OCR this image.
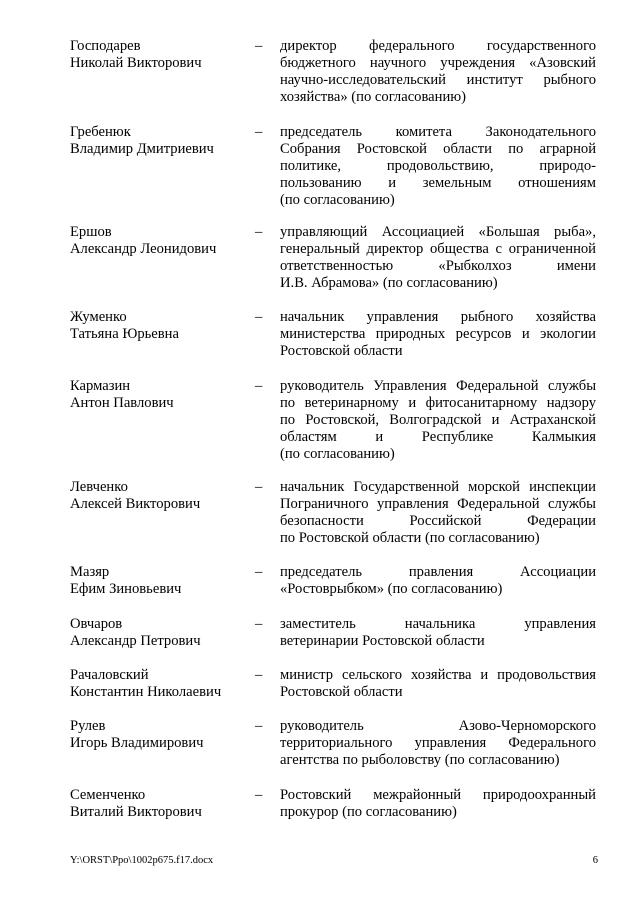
Господарев
Николай Викторович
–	директор федерального государственного
бюджетного научного учреждения «Азовский
научно-исследовательский институт рыбного
хозяйства» (по согласованию)
Гребенюк
Владимир Дмитриевич
–	председатель комитета Законодательного
Собрания Ростовской области по аграрной
политике, продовольствию, природо-
пользованию и земельным отношениям
(по согласованию)
Ершов
Александр Леонидович
–	управляющий Ассоциацией «Большая рыба»,
генеральный директор общества с ограниченной
ответственностью «Рыбколхоз имени
И.В. Абрамова» (по согласованию)
Жуменко
Татьяна Юрьевна
–	начальник управления рыбного хозяйства
министерства природных ресурсов и экологии
Ростовской области
Кармазин
Антон Павлович
–	руководитель Управления Федеральной службы
по ветеринарному и фитосанитарному надзору
по Ростовской, Волгоградской и Астраханской
областям и Республике Калмыкия
(по согласованию)
Левченко
Алексей Викторович
–	начальник Государственной морской инспекции
Пограничного управления Федеральной службы
безопасности Российской Федерации
по Ростовской области (по согласованию)
Мазяр
Ефим Зиновьевич
–	председатель правления Ассоциации
«Ростоврыбком» (по согласованию)
Овчаров
Александр Петрович
–	заместитель начальника управления
ветеринарии Ростовской области
Рачаловский
Константин Николаевич
–	министр сельского хозяйства и продовольствия
Ростовской области
Рулев
Игорь Владимирович
–	руководитель Азово-Черноморского
территориального управления Федерального
агентства по рыболовству (по согласованию)
Семенченко
Виталий Викторович
–	Ростовский межрайонный природоохранный
прокурор (по согласованию)
Y:\ORST\Ppo\1002p675.f17.docx	6
